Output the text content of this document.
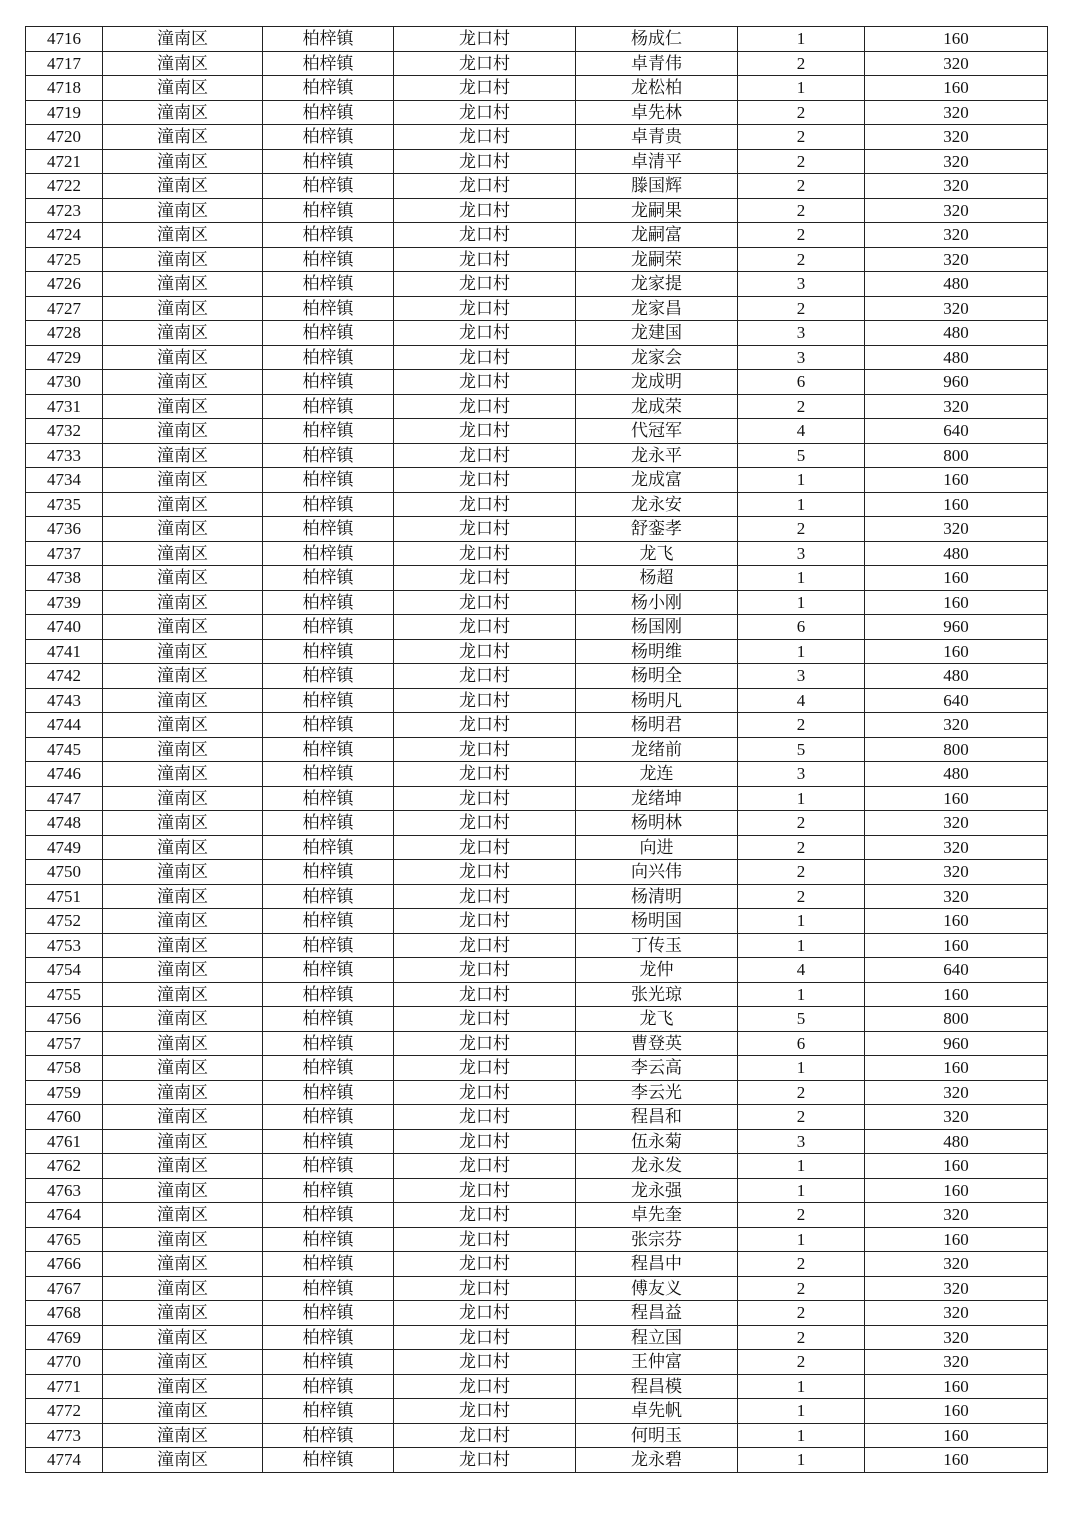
4716	潼南区	柏梓镇	龙口村	杨成仁	1	160
4717	潼南区	柏梓镇	龙口村	卓青伟	2	320
4718	潼南区	柏梓镇	龙口村	龙松柏	1	160
4719	潼南区	柏梓镇	龙口村	卓先林	2	320
4720	潼南区	柏梓镇	龙口村	卓青贵	2	320
4721	潼南区	柏梓镇	龙口村	卓清平	2	320
4722	潼南区	柏梓镇	龙口村	滕国辉	2	320
4723	潼南区	柏梓镇	龙口村	龙嗣果	2	320
4724	潼南区	柏梓镇	龙口村	龙嗣富	2	320
4725	潼南区	柏梓镇	龙口村	龙嗣荣	2	320
4726	潼南区	柏梓镇	龙口村	龙家提	3	480
4727	潼南区	柏梓镇	龙口村	龙家昌	2	320
4728	潼南区	柏梓镇	龙口村	龙建国	3	480
4729	潼南区	柏梓镇	龙口村	龙家会	3	480
4730	潼南区	柏梓镇	龙口村	龙成明	6	960
4731	潼南区	柏梓镇	龙口村	龙成荣	2	320
4732	潼南区	柏梓镇	龙口村	代冠军	4	640
4733	潼南区	柏梓镇	龙口村	龙永平	5	800
4734	潼南区	柏梓镇	龙口村	龙成富	1	160
4735	潼南区	柏梓镇	龙口村	龙永安	1	160
4736	潼南区	柏梓镇	龙口村	舒銮孝	2	320
4737	潼南区	柏梓镇	龙口村	龙飞	3	480
4738	潼南区	柏梓镇	龙口村	杨超	1	160
4739	潼南区	柏梓镇	龙口村	杨小刚	1	160
4740	潼南区	柏梓镇	龙口村	杨国刚	6	960
4741	潼南区	柏梓镇	龙口村	杨明维	1	160
4742	潼南区	柏梓镇	龙口村	杨明全	3	480
4743	潼南区	柏梓镇	龙口村	杨明凡	4	640
4744	潼南区	柏梓镇	龙口村	杨明君	2	320
4745	潼南区	柏梓镇	龙口村	龙绪前	5	800
4746	潼南区	柏梓镇	龙口村	龙连	3	480
4747	潼南区	柏梓镇	龙口村	龙绪坤	1	160
4748	潼南区	柏梓镇	龙口村	杨明林	2	320
4749	潼南区	柏梓镇	龙口村	向进	2	320
4750	潼南区	柏梓镇	龙口村	向兴伟	2	320
4751	潼南区	柏梓镇	龙口村	杨清明	2	320
4752	潼南区	柏梓镇	龙口村	杨明国	1	160
4753	潼南区	柏梓镇	龙口村	丁传玉	1	160
4754	潼南区	柏梓镇	龙口村	龙仲	4	640
4755	潼南区	柏梓镇	龙口村	张光琼	1	160
4756	潼南区	柏梓镇	龙口村	龙飞	5	800
4757	潼南区	柏梓镇	龙口村	曹登英	6	960
4758	潼南区	柏梓镇	龙口村	李云高	1	160
4759	潼南区	柏梓镇	龙口村	李云光	2	320
4760	潼南区	柏梓镇	龙口村	程昌和	2	320
4761	潼南区	柏梓镇	龙口村	伍永菊	3	480
4762	潼南区	柏梓镇	龙口村	龙永发	1	160
4763	潼南区	柏梓镇	龙口村	龙永强	1	160
4764	潼南区	柏梓镇	龙口村	卓先奎	2	320
4765	潼南区	柏梓镇	龙口村	张宗芬	1	160
4766	潼南区	柏梓镇	龙口村	程昌中	2	320
4767	潼南区	柏梓镇	龙口村	傅友义	2	320
4768	潼南区	柏梓镇	龙口村	程昌益	2	320
4769	潼南区	柏梓镇	龙口村	程立国	2	320
4770	潼南区	柏梓镇	龙口村	王仲富	2	320
4771	潼南区	柏梓镇	龙口村	程昌模	1	160
4772	潼南区	柏梓镇	龙口村	卓先帆	1	160
4773	潼南区	柏梓镇	龙口村	何明玉	1	160
4774	潼南区	柏梓镇	龙口村	龙永碧	1	160
